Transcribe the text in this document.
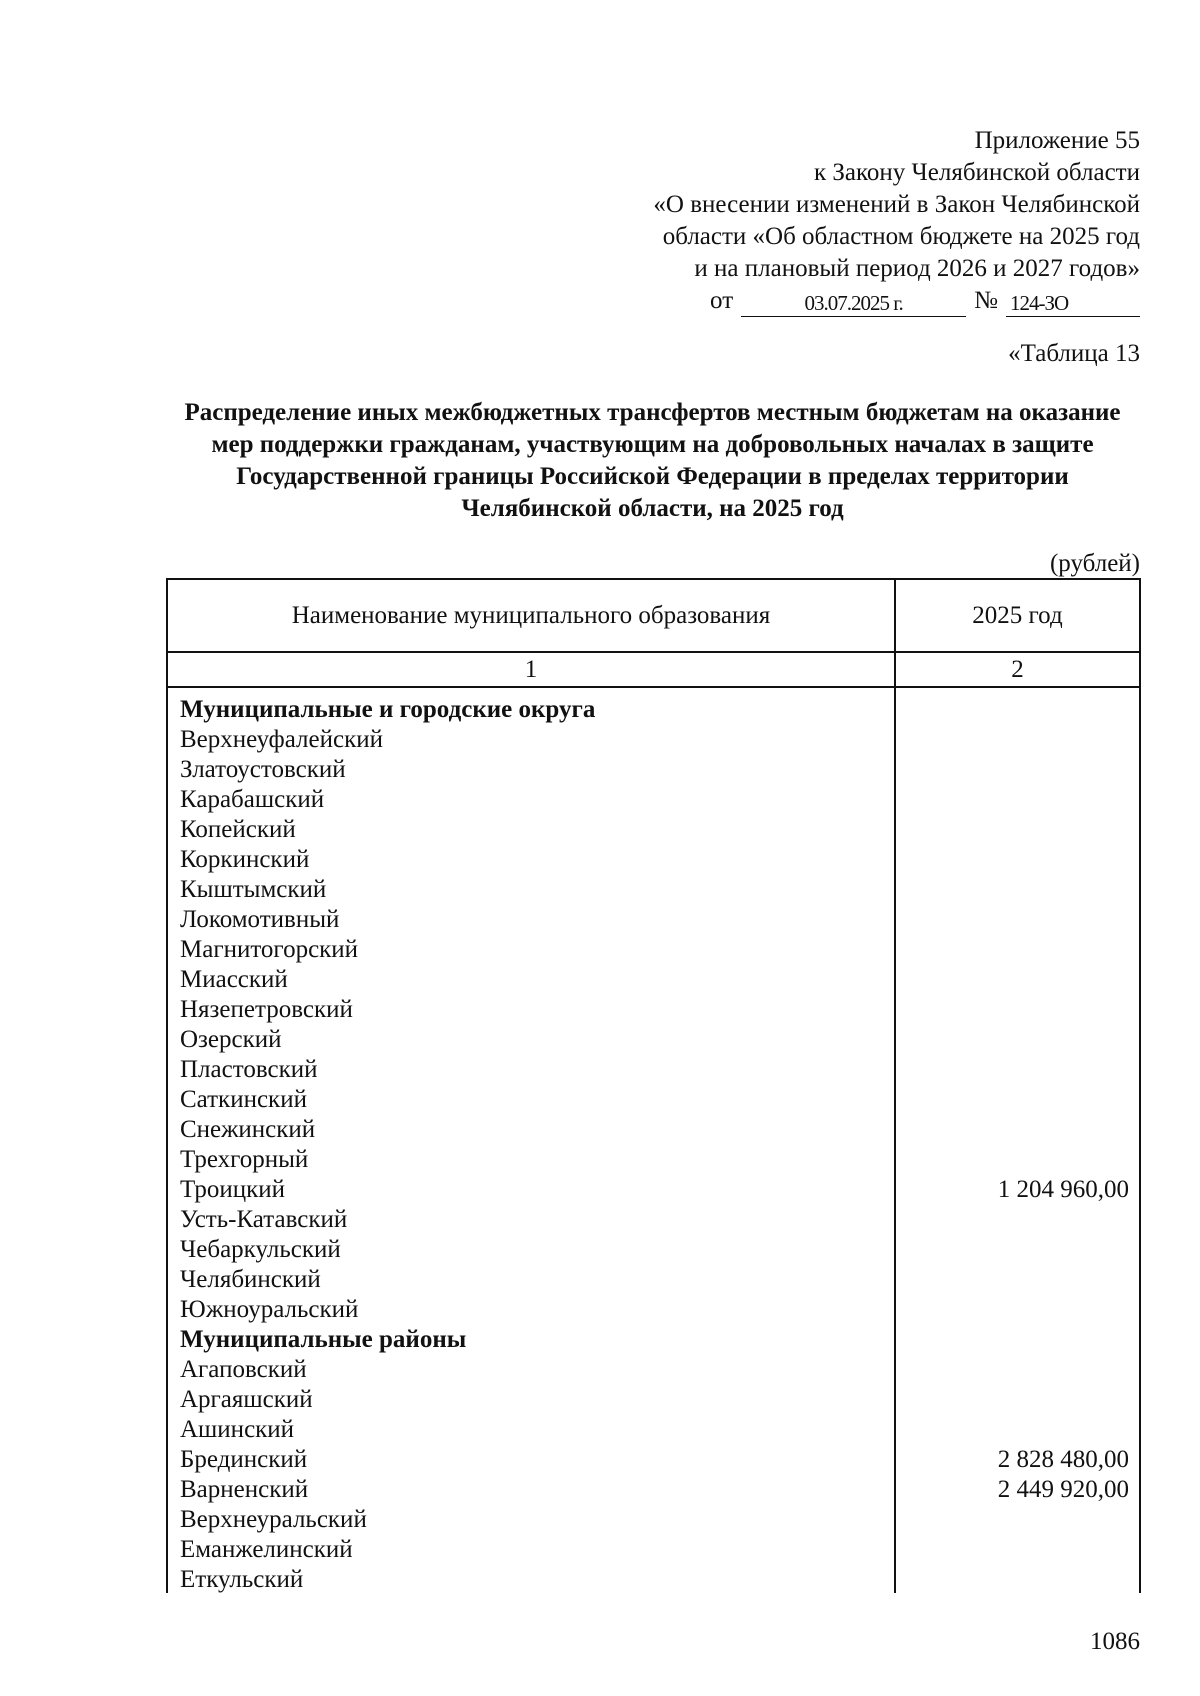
Приложение 55
к Закону Челябинской области
«О внесении изменений в Закон Челябинской
области «Об областном бюджете на 2025 год
и на плановый период 2026 и 2027 годов»
от	03.07.2025 г.	№ 124-ЗО
«Таблица 13
Распределение иных межбюджетных трансфертов местным бюджетам на оказание мер поддержки гражданам, участвующим на добровольных началах в защите Государственной границы Российской Федерации в пределах территории Челябинской области, на 2025 год
(рублей)
Наименование муниципального образования	2025 год
1	2
Муниципальные и городские округа
Верхнеуфалейский
Златоустовский
Карабашский
Копейский
Коркинский
Кыштымский
Локомотивный
Магнитогорский
Миасский
Нязепетровский
Озерский
Пластовский
Саткинский
Снежинский
Трехгорный
Троицкий	1 204 960,00
Усть-Катавский
Чебаркульский
Челябинский
Южноуральский
Муниципальные районы
Агаповский
Аргаяшский
Ашинский
Брединский	2 828 480,00
Варненский	2 449 920,00
Верхнеуральский
Еманжелинский
Еткульский
1086
